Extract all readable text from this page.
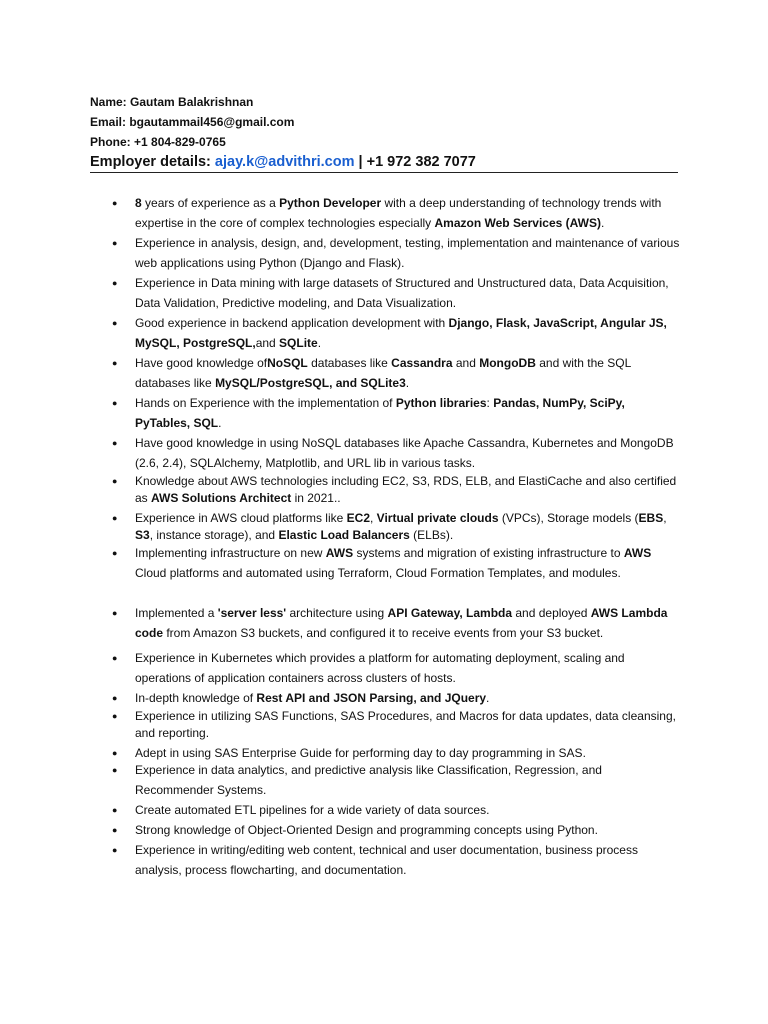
Name: Gautam Balakrishnan
Email: bgautammail456@gmail.com
Phone: +1 804-829-0765
Employer details: ajay.k@advithri.com | +1 972 382 7077
● 8 years of experience as a Python Developer with a deep understanding of technology trends with expertise in the core of complex technologies especially Amazon Web Services (AWS).
● Experience in analysis, design, and, development, testing, implementation and maintenance of various web applications using Python (Django and Flask).
● Experience in Data mining with large datasets of Structured and Unstructured data, Data Acquisition, Data Validation, Predictive modeling, and Data Visualization.
● Good experience in backend application development with Django, Flask, JavaScript, Angular JS, MySQL, PostgreSQL,and SQLite.
● Have good knowledge ofNoSQL databases like Cassandra and MongoDB and with the SQL databases like MySQL/PostgreSQL, and SQLite3.
● Hands on Experience with the implementation of Python libraries: Pandas, NumPy, SciPy, PyTables, SQL.
● Have good knowledge in using NoSQL databases like Apache Cassandra, Kubernetes and MongoDB (2.6, 2.4), SQLAlchemy, Matplotlib, and URL lib in various tasks.
● Knowledge about AWS technologies including EC2, S3, RDS, ELB, and ElastiCache and also certified as AWS Solutions Architect in 2021..
● Experience in AWS cloud platforms like EC2, Virtual private clouds (VPCs), Storage models (EBS, S3, instance storage), and Elastic Load Balancers (ELBs).
● Implementing infrastructure on new AWS systems and migration of existing infrastructure to AWS Cloud platforms and automated using Terraform, Cloud Formation Templates, and modules.
● Implemented a 'server less' architecture using API Gateway, Lambda and deployed AWS Lambda code from Amazon S3 buckets, and configured it to receive events from your S3 bucket.
● Experience in Kubernetes which provides a platform for automating deployment, scaling and operations of application containers across clusters of hosts.
● In-depth knowledge of Rest API and JSON Parsing, and JQuery.
● Experience in utilizing SAS Functions, SAS Procedures, and Macros for data updates, data cleansing, and reporting.
● Adept in using SAS Enterprise Guide for performing day to day programming in SAS.
● Experience in data analytics, and predictive analysis like Classification, Regression, and Recommender Systems.
● Create automated ETL pipelines for a wide variety of data sources.
● Strong knowledge of Object-Oriented Design and programming concepts using Python.
● Experience in writing/editing web content, technical and user documentation, business process analysis, process flowcharting, and documentation.
